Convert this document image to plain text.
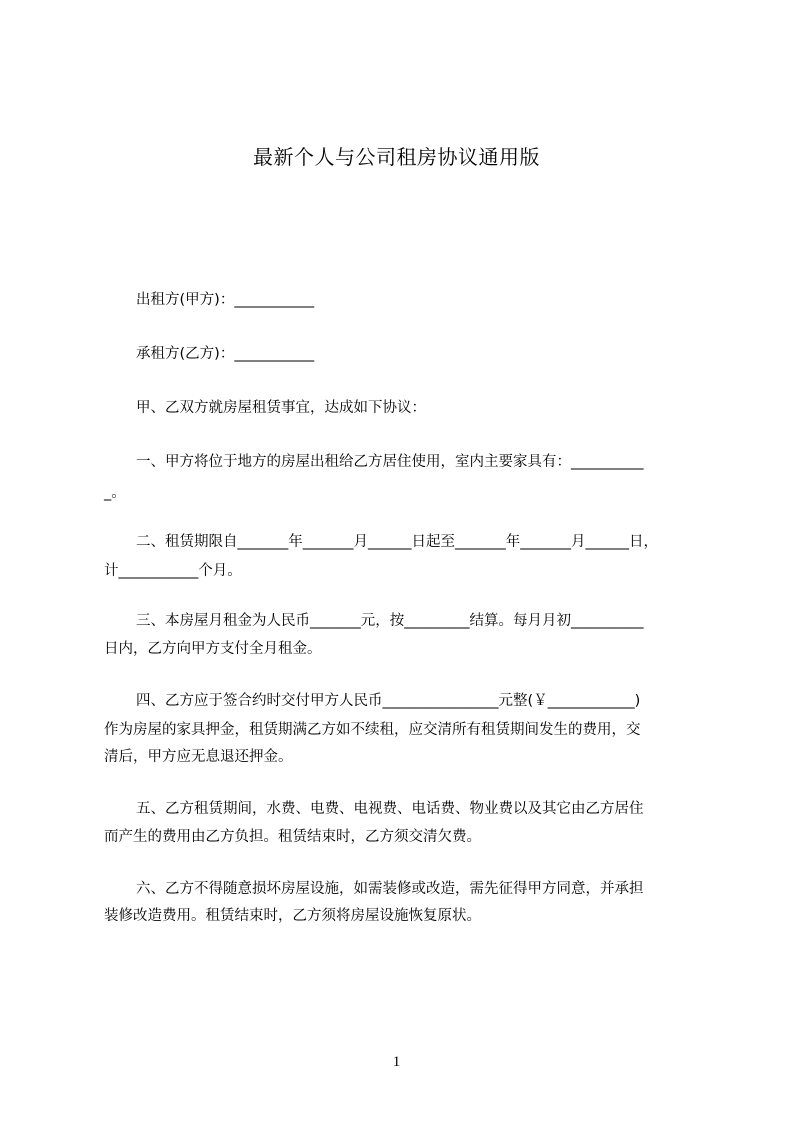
最新个人与公司租房协议通用版
出租方(甲方)：___________
承租方(乙方)：___________
甲、乙双方就房屋租赁事宜，达成如下协议：
一、甲方将位于地方的房屋出租给乙方居住使用，室内主要家具有：__________
_。
二、租赁期限自_______年_______月______日起至_______年_______月______日，
计___________个月。
三、本房屋月租金为人民币_______元，按_________结算。每月月初__________
日内，乙方向甲方支付全月租金。
四、乙方应于签合约时交付甲方人民币________________元整(￥____________)
作为房屋的家具押金，租赁期满乙方如不续租，应交清所有租赁期间发生的费用，交
清后，甲方应无息退还押金。
五、乙方租赁期间，水费、电费、电视费、电话费、物业费以及其它由乙方居住
而产生的费用由乙方负担。租赁结束时，乙方须交清欠费。
六、乙方不得随意损坏房屋设施，如需装修或改造，需先征得甲方同意，并承担
装修改造费用。租赁结束时，乙方须将房屋设施恢复原状。
1
